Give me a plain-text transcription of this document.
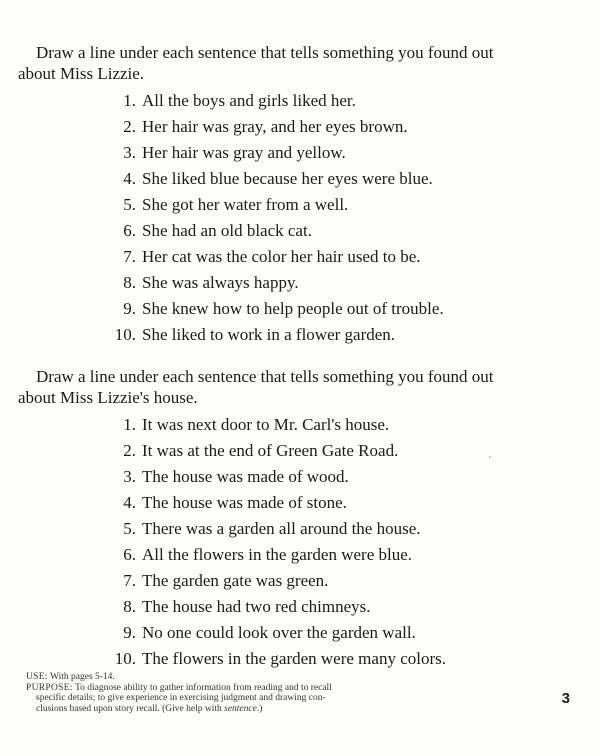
Draw a line under each sentence that tells something you found out
about Miss Lizzie.

1. All the boys and girls liked her.
2. Her hair was gray, and her eyes brown.
3. Her hair was gray and yellow.
4. She liked blue because her eyes were blue.
5. She got her water from a well.
6. She had an old black cat.
7. Her cat was the color her hair used to be.
8. She was always happy.
9. She knew how to help people out of trouble.
10. She liked to work in a flower garden.

Draw a line under each sentence that tells something you found out
about Miss Lizzie's house.

1. It was next door to Mr. Carl's house.
2. It was at the end of Green Gate Road.
3. The house was made of wood.
4. The house was made of stone.
5. There was a garden all around the house.
6. All the flowers in the garden were blue.
7. The garden gate was green.
8. The house had two red chimneys.
9. No one could look over the garden wall.
10. The flowers in the garden were many colors.
USE: With pages 5-14.
PURPOSE: To diagnose ability to gather information from reading and to recall
specific details; to give experience in exercising judgment and drawing con-
clusions based upon story recall. (Give help with sentence.)
3
